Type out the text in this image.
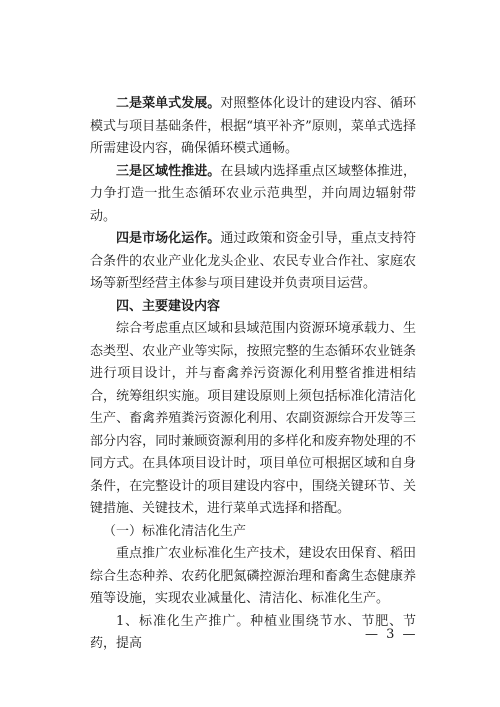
二是菜单式发展。对照整体化设计的建设内容、循环模式与项目基础条件，根据“填平补齐”原则，菜单式选择所需建设内容，确保循环模式通畅。

三是区域性推进。在县域内选择重点区域整体推进，力争打造一批生态循环农业示范典型，并向周边辐射带动。

四是市场化运作。通过政策和资金引导，重点支持符合条件的农业产业化龙头企业、农民专业合作社、家庭农场等新型经营主体参与项目建设并负责项目运营。

四、主要建设内容

综合考虑重点区域和县域范围内资源环境承载力、生态类型、农业产业等实际，按照完整的生态循环农业链条进行项目设计，并与畜禽养污资源化利用整省推进相结合，统筹组织实施。项目建设原则上须包括标准化清洁化生产、畜禽养殖粪污资源化利用、农副资源综合开发等三部分内容，同时兼顾资源利用的多样化和废弃物处理的不同方式。在具体项目设计时，项目单位可根据区域和自身条件，在完整设计的项目建设内容中，围绕关键环节、关键措施、关键技术，进行菜单式选择和搭配。

（一）标准化清洁化生产

重点推广农业标准化生产技术，建设农田保育、稻田综合生态种养、农药化肥氮磷控源治理和畜禽生态健康养殖等设施，实现农业减量化、清洁化、标准化生产。

1、标准化生产推广。种植业围绕节水、节肥、节药，提高

— 3 —
